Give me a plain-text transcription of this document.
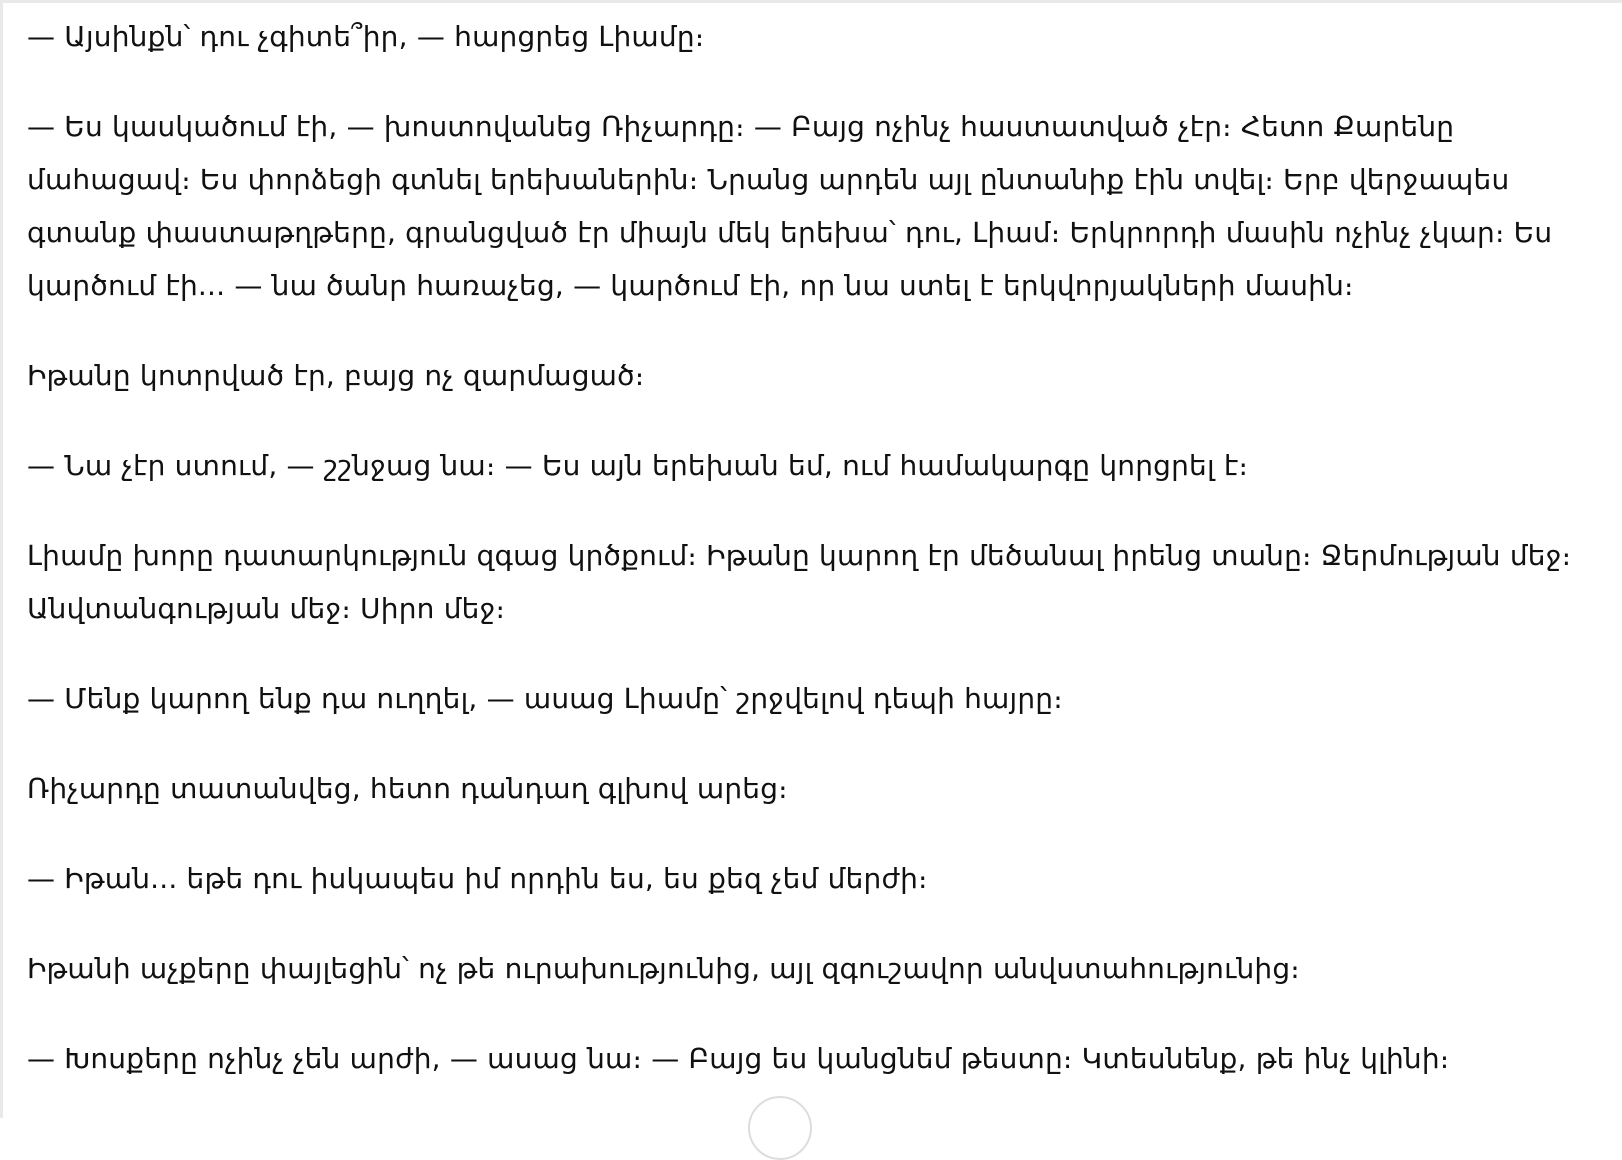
— Այսինքն՝ դու չգիտե՞իր, — հարցրեց Լիամը։

— Ես կասկածում էի, — խոստովանեց Ռիչարդը։ — Բայց ոչինչ հաստատված չէր։ Հետո Քարենը մահացավ։ Ես փորձեցի գտնել երեխաներին։ Նրանց արդեն այլ ընտանիք էին տվել։ Երբ վերջապես գտանք փաստաթղթերը, գրանցված էր միայն մեկ երեխա՝ դու, Լիամ։ Երկրորդի մասին ոչինչ չկար։ Ես կարծում էի... — նա ծանր հառաչեց, — կարծում էի, որ նա ստել է երկվորյակների մասին։

Իթանը կոտրված էր, բայց ոչ զարմացած։

— Նա չէր ստում, — շշնջաց նա։ — Ես այն երեխան եմ, ում համակարգը կորցրել է։

Լիամը խորը դատարկություն զգաց կրծքում։ Իթանը կարող էր մեծանալ իրենց տանը։ Ջերմության մեջ։ Անվտանգության մեջ։ Սիրո մեջ։

— Մենք կարող ենք դա ուղղել, — ասաց Լիամը՝ շրջվելով դեպի հայրը։

Ռիչարդը տատանվեց, հետո դանդաղ գլխով արեց։

— Իթան... եթե դու իսկապես իմ որդին ես, ես քեզ չեմ մերժի։

Իթանի աչքերը փայլեցին՝ ոչ թե ուրախությունից, այլ զգուշավոր անվստահությունից։

— Խոսքերը ոչինչ չեն արժի, — ասաց նա։ — Բայց ես կանցնեմ թեստը։ Կտեսնենք, թե ինչ կլինի։
